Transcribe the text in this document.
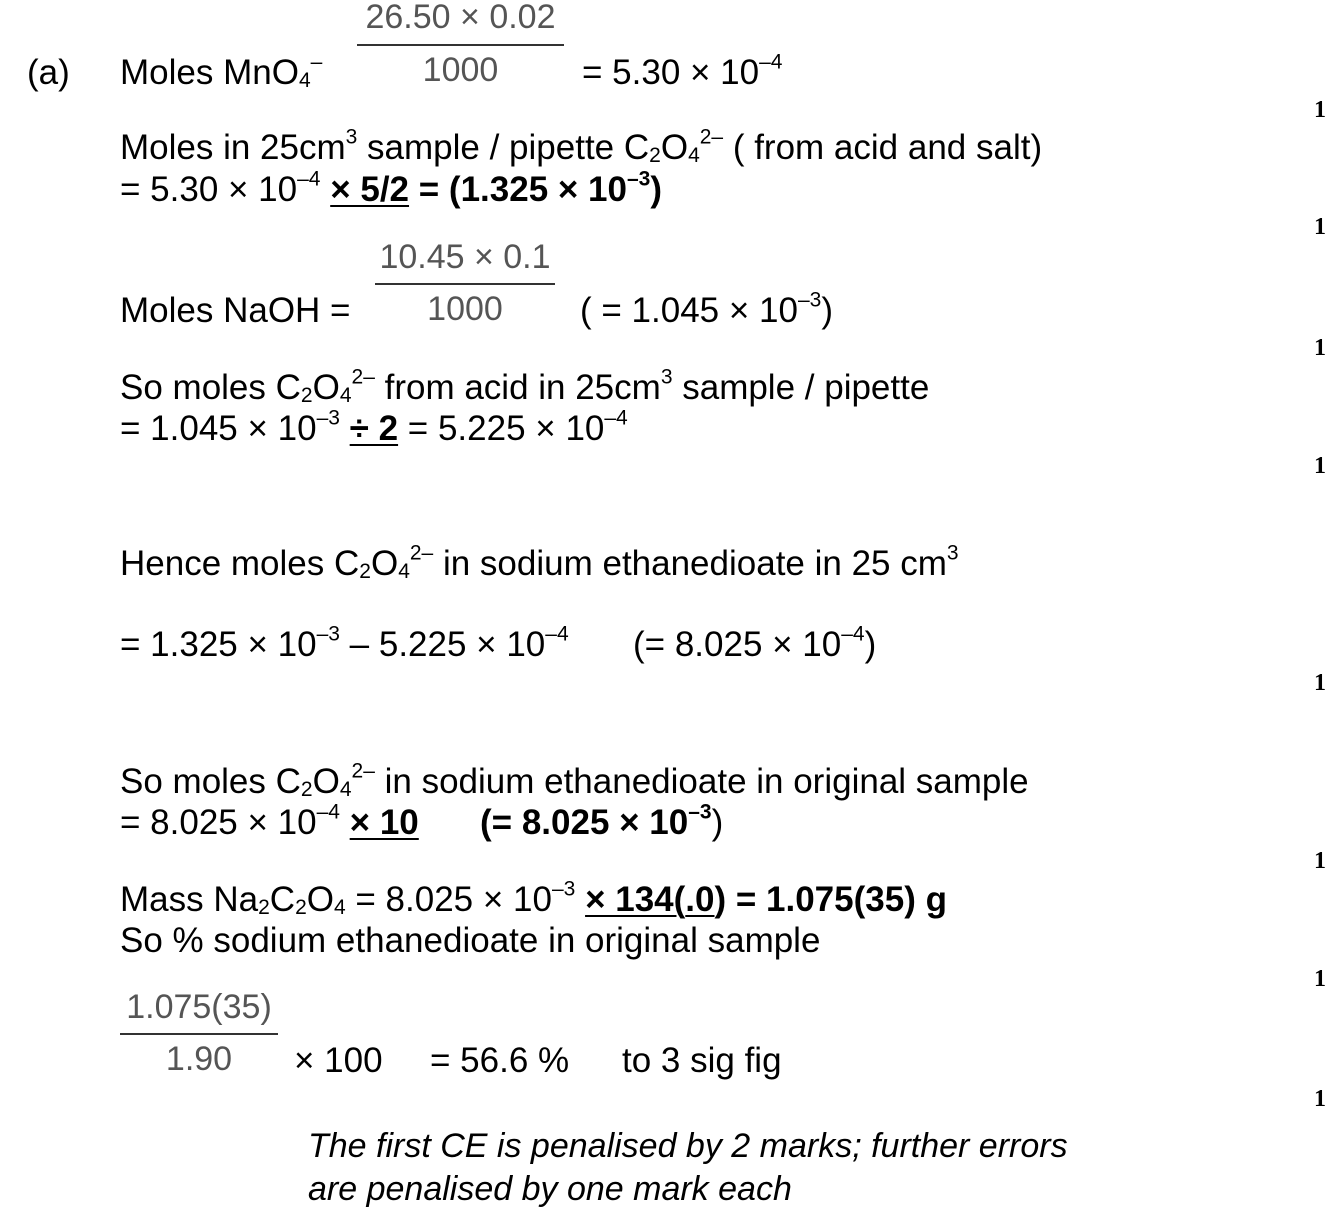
(a) Moles MnO$_4$–
26.50 × 0.02
1000	= $5.30 \times 10^{-4}$
Moles in $25cm^3$ sample / pipette $C_2O_4^{2-}$ ( from acid and salt)
= $5.30 \times 10^{-4} \times 5/2 = (1.325 \times 10^{-3})$
Moles NaOH =
10.45 × 0.1
1000	( = $1.045 \times 10^{-3}$)
So moles $C_2O_4^{2-}$ from acid in $25cm^3$ sample / pipette
= $1.045 \times 10^{-3} \div 2 = 5.225 \times 10^{-4}$
Hence moles $C_2O_4^{2-}$ in sodium ethanedioate in 25 $cm^3$
= $1.325 \times 10^{-3} - 5.225 \times 10^{-4}$ (= $8.025 \times 10^{-4}$)
So moles $C_2O_4^{2-}$ in sodium ethanedioate in original sample
= $8.025 \times 10^{-4} \times 10$ (= $8.025 \times 10^{-3}$)
Mass $Na_2C_2O_4 = 8.025 \times 10^{-3} \times 134(.0) = 1.075(35)$ g
So % sodium ethanedioate in original sample
1.075(35)
1.90	× 100 = 56.6 % to 3 sig fig
The first CE is penalised by 2 marks; further errors
are penalised by one mark each
1
1
1
1
1
1
1
1
